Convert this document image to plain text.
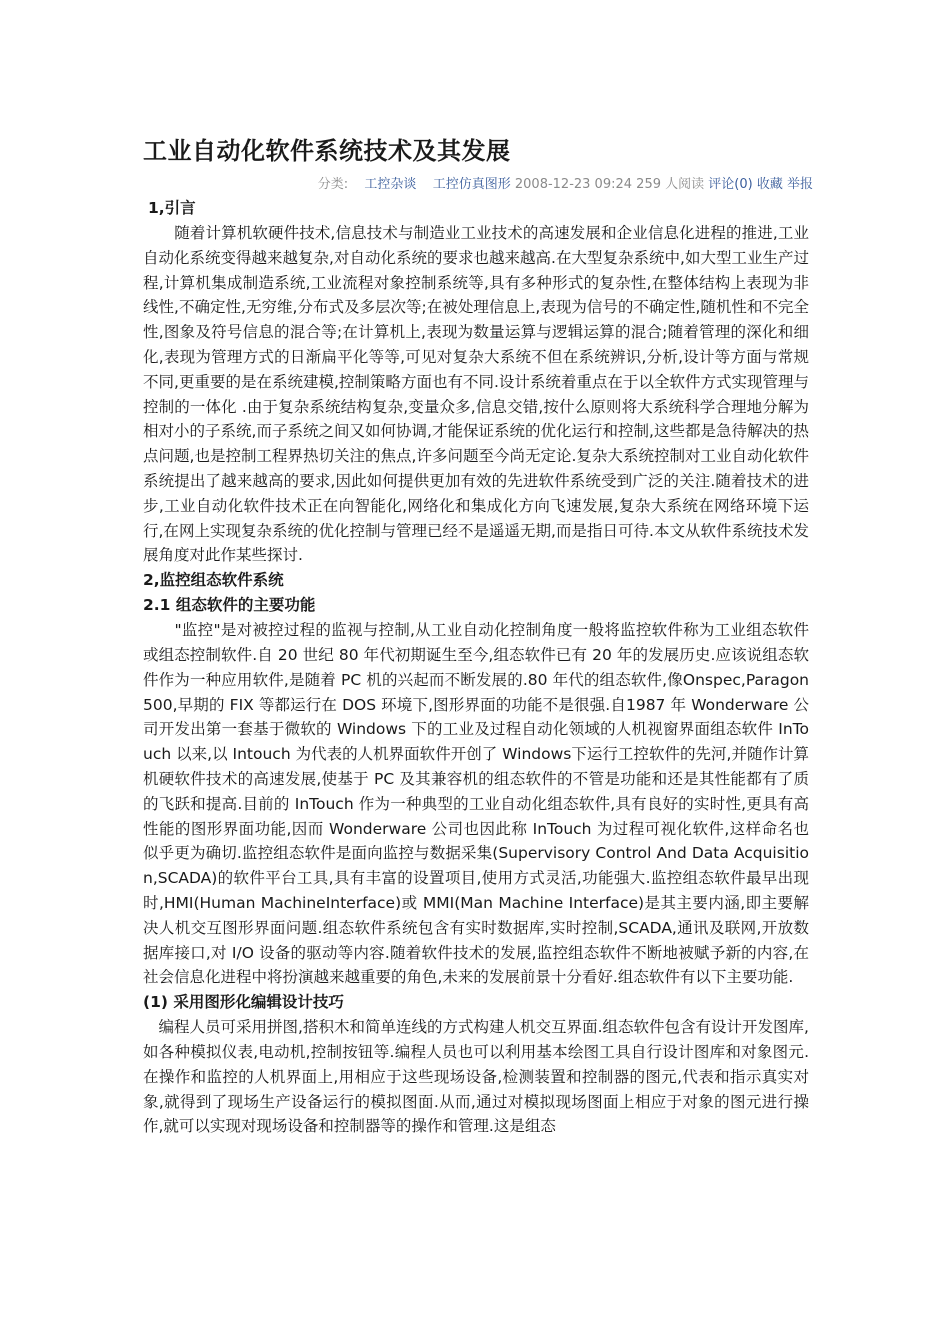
工业自动化软件系统技术及其发展
分类: 工控杂谈 工控仿真图形 2008-12-23 09:24 259 人阅读 评论(0) 收藏 举报

1,引言

　　随着计算机软硬件技术,信息技术与制造业工业技术的高速发展和企业信息化进程的推进,工业自动化系统变得越来越复杂,对自动化系统的要求也越来越高.在大型复杂系统中,如大型工业生产过程,计算机集成制造系统,工业流程对象控制系统等,具有多种形式的复杂性,在整体结构上表现为非线性,不确定性,无穷维,分布式及多层次等;在被处理信息上,表现为信号的不确定性,随机性和不完全性,图象及符号信息的混合等;在计算机上,表现为数量运算与逻辑运算的混合;随着管理的深化和细化,表现为管理方式的日渐扁平化等等,可见对复杂大系统不但在系统辨识,分析,设计等方面与常规不同,更重要的是在系统建模,控制策略方面也有不同.设计系统着重点在于以全软件方式实现管理与控制的一体化 .由于复杂系统结构复杂,变量众多,信息交错,按什么原则将大系统科学合理地分解为相对小的子系统,而子系统之间又如何协调,才能保证系统的优化运行和控制,这些都是急待解决的热点问题,也是控制工程界热切关注的焦点,许多问题至今尚无定论.复杂大系统控制对工业自动化软件系统提出了越来越高的要求,因此如何提供更加有效的先进软件系统受到广泛的关注.随着技术的进步,工业自动化软件技术正在向智能化,网络化和集成化方向飞速发展,复杂大系统在网络环境下运行,在网上实现复杂系统的优化控制与管理已经不是遥遥无期,而是指日可待.本文从软件系统技术发展角度对此作某些探讨.

2,监控组态软件系统

2.1 组态软件的主要功能

　　"监控"是对被控过程的监视与控制,从工业自动化控制角度一般将监控软件称为工业组态软件或组态控制软件.自 20 世纪 80 年代初期诞生至今,组态软件已有 20 年的发展历史.应该说组态软件作为一种应用软件,是随着 PC 机的兴起而不断发展的.80 年代的组态软件,像Onspec,Paragon 500,早期的 FIX 等都运行在 DOS 环境下,图形界面的功能不是很强.自1987 年 Wonderware 公司开发出第一套基于微软的 Windows 下的工业及过程自动化领域的人机视窗界面组态软件 InTouch 以来,以 Intouch 为代表的人机界面软件开创了 Windows下运行工控软件的先河,并随作计算机硬软件技术的高速发展,使基于 PC 及其兼容机的组态软件的不管是功能和还是其性能都有了质的飞跃和提高.目前的 InTouch 作为一种典型的工业自动化组态软件,具有良好的实时性,更具有高性能的图形界面功能,因而 Wonderware 公司也因此称 InTouch 为过程可视化软件,这样命名也似乎更为确切.监控组态软件是面向监控与数据采集(Supervisory Control And Data Acquisition,SCADA)的软件平台工具,具有丰富的设置项目,使用方式灵活,功能强大.监控组态软件最早出现时,HMI(Human MachineInterface)或 MMI(Man Machine Interface)是其主要内涵,即主要解决人机交互图形界面问题.组态软件系统包含有实时数据库,实时控制,SCADA,通讯及联网,开放数据库接口,对 I/O 设备的驱动等内容.随着软件技术的发展,监控组态软件不断地被赋予新的内容,在社会信息化进程中将扮演越来越重要的角色,未来的发展前景十分看好.组态软件有以下主要功能.

(1) 采用图形化编辑设计技巧

　编程人员可采用拼图,搭积木和简单连线的方式构建人机交互界面.组态软件包含有设计开发图库,如各种模拟仪表,电动机,控制按钮等.编程人员也可以利用基本绘图工具自行设计图库和对象图元.在操作和监控的人机界面上,用相应于这些现场设备,检测装置和控制器的图元,代表和指示真实对象,就得到了现场生产设备运行的模拟图面.从而,通过对模拟现场图面上相应于对象的图元进行操作,就可以实现对现场设备和控制器等的操作和管理.这是组态
